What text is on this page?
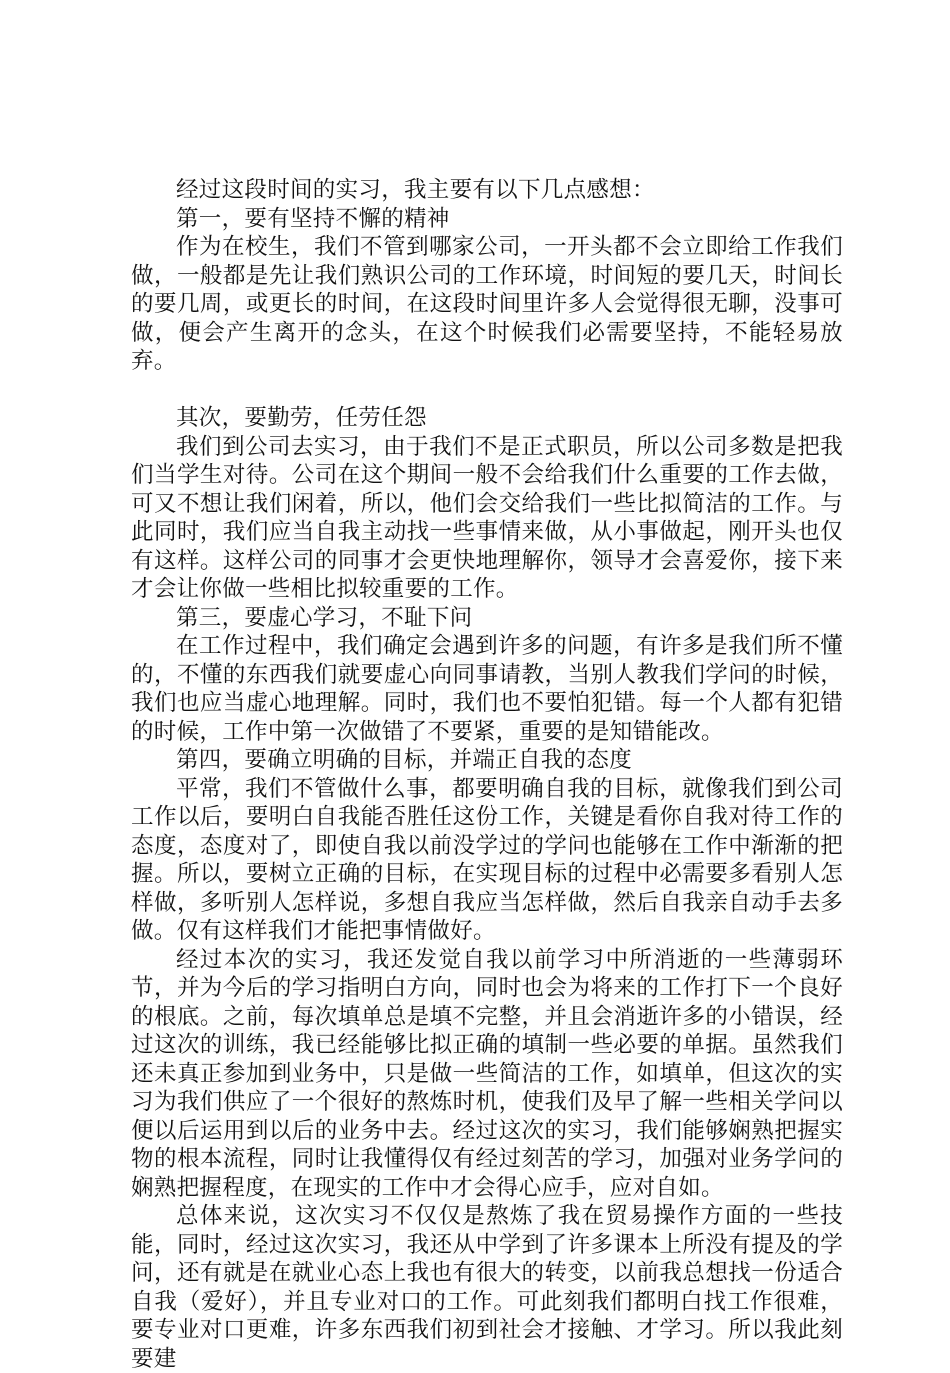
经过这段时间的实习，我主要有以下几点感想：

第一，要有坚持不懈的精神

作为在校生，我们不管到哪家公司，一开头都不会立即给工作我们做，一般都是先让我们熟识公司的工作环境，时间短的要几天，时间长的要几周，或更长的时间，在这段时间里许多人会觉得很无聊，没事可做，便会产生离开的念头，在这个时候我们必需要坚持，不能轻易放弃。

其次，要勤劳，任劳任怨

我们到公司去实习，由于我们不是正式职员，所以公司多数是把我们当学生对待。公司在这个期间一般不会给我们什么重要的工作去做，可又不想让我们闲着，所以，他们会交给我们一些比拟简洁的工作。与此同时，我们应当自我主动找一些事情来做，从小事做起，刚开头也仅有这样。这样公司的同事才会更快地理解你，领导才会喜爱你，接下来才会让你做一些相比拟较重要的工作。

第三，要虚心学习，不耻下问

在工作过程中，我们确定会遇到许多的问题，有许多是我们所不懂的，不懂的东西我们就要虚心向同事请教，当别人教我们学问的时候，我们也应当虚心地理解。同时，我们也不要怕犯错。每一个人都有犯错的时候，工作中第一次做错了不要紧，重要的是知错能改。

第四，要确立明确的目标，并端正自我的态度

平常，我们不管做什么事，都要明确自我的目标，就像我们到公司工作以后，要明白自我能否胜任这份工作，关键是看你自我对待工作的态度，态度对了，即使自我以前没学过的学问也能够在工作中渐渐的把握。所以，要树立正确的目标，在实现目标的过程中必需要多看别人怎样做，多听别人怎样说，多想自我应当怎样做，然后自我亲自动手去多做。仅有这样我们才能把事情做好。

经过本次的实习，我还发觉自我以前学习中所消逝的一些薄弱环节，并为今后的学习指明白方向，同时也会为将来的工作打下一个良好的根底。之前，每次填单总是填不完整，并且会消逝许多的小错误，经过这次的训练，我已经能够比拟正确的填制一些必要的单据。虽然我们还未真正参加到业务中，只是做一些简洁的工作，如填单，但这次的实习为我们供应了一个很好的熬炼时机，使我们及早了解一些相关学问以便以后运用到以后的业务中去。经过这次的实习，我们能够娴熟把握实物的根本流程，同时让我懂得仅有经过刻苦的学习，加强对业务学问的娴熟把握程度，在现实的工作中才会得心应手，应对自如。

总体来说，这次实习不仅仅是熬炼了我在贸易操作方面的一些技能，同时，经过这次实习，我还从中学到了许多课本上所没有提及的学问，还有就是在就业心态上我也有很大的转变，以前我总想找一份适合自我（爱好），并且专业对口的工作。可此刻我们都明白找工作很难，要专业对口更难，许多东西我们初到社会才接触、才学习。所以我此刻要建
